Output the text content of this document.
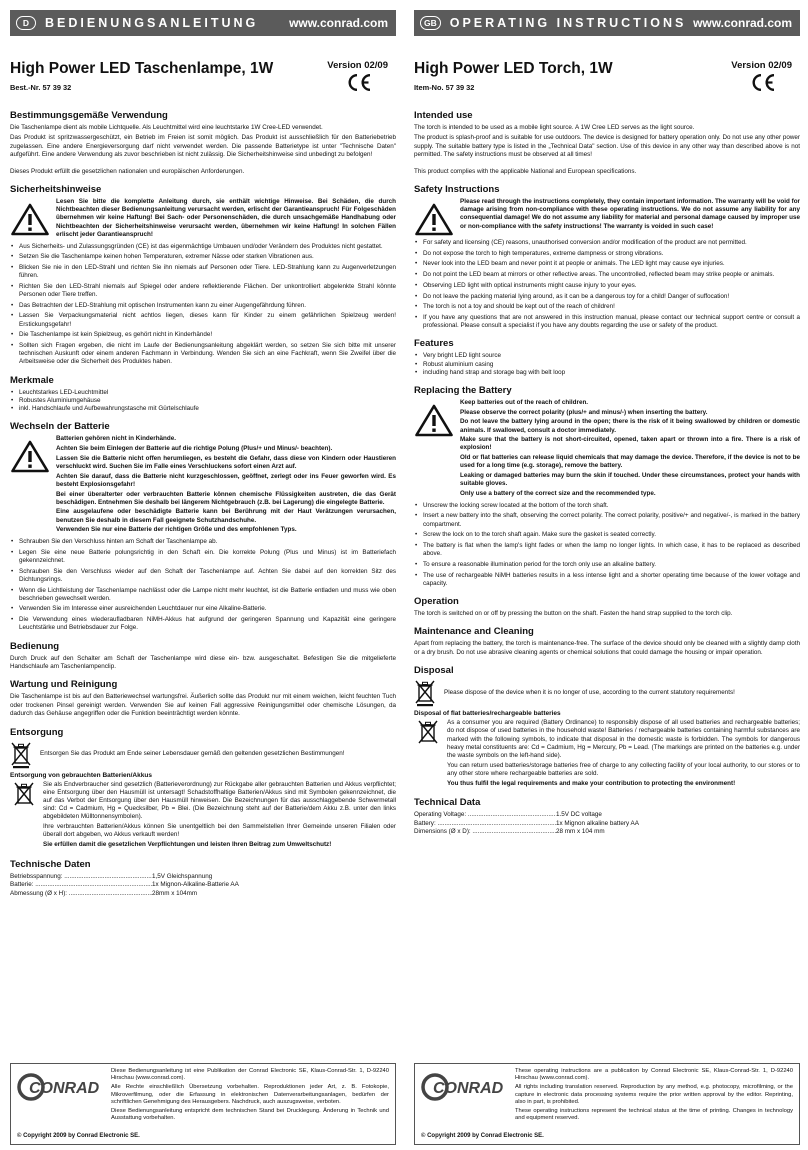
D	BEDIENUNGSANLEITUNG	www.conrad.com
High Power LED Taschenlampe, 1W
Best.-Nr. 57 39 32
Version 02/09
Bestimmungsgemäße Verwendung

Die Taschenlampe dient als mobile Lichtquelle. Als Leuchtmittel wird eine leuchtstarke 1W Cree-LED verwendet.

Das Produkt ist spritzwassergeschützt, ein Betrieb im Freien ist somit möglich. Das Produkt ist ausschließlich für den Batteriebetrieb zugelassen. Eine andere Energieversorgung darf nicht verwendet werden. Die passende Batterietype ist unter "Technische Daten" aufgeführt. Eine andere Verwendung als zuvor beschrieben ist nicht zulässig. Die Sicherheitshinweise sind unbedingt zu befolgen!

Dieses Produkt erfüllt die gesetzlichen nationalen und europäischen Anforderungen.

Sicherheitshinweise

Lesen Sie bitte die komplette Anleitung durch, sie enthält wichtige Hinweise. Bei Schäden, die durch Nichtbeachten dieser Bedienungsanleitung verursacht werden, erlischt der Garantieanspruch! Für Folgeschäden übernehmen wir keine Haftung! Bei Sach- oder Personenschäden, die durch unsachgemäße Handhabung oder Nichtbeachten der Sicherheitshinweise verursacht werden, übernehmen wir keine Haftung! In solchen Fällen erlischt jeder Garantieanspruch!

• Aus Sicherheits- und Zulassungsgründen (CE) ist das eigenmächtige Umbauen und/oder Verändern des Produktes nicht gestattet.
• Setzen Sie die Taschenlampe keinen hohen Temperaturen, extremer Nässe oder starken Vibrationen aus.
• Blicken Sie nie in den LED-Strahl und richten Sie ihn niemals auf Personen oder Tiere. LED-Strahlung kann zu Augenverletzungen führen.
• Richten Sie den LED-Strahl niemals auf Spiegel oder andere reflektierende Flächen. Der unkontrolliert abgelenkte Strahl könnte Personen oder Tiere treffen.
• Das Betrachten der LED-Strahlung mit optischen Instrumenten kann zu einer Augengefährdung führen.
• Lassen Sie Verpackungsmaterial nicht achtlos liegen, dieses kann für Kinder zu einem gefährlichen Spielzeug werden! Erstickungsgefahr!
• Die Taschenlampe ist kein Spielzeug, es gehört nicht in Kinderhände!
• Sollten sich Fragen ergeben, die nicht im Laufe der Bedienungsanleitung abgeklärt werden, so setzen Sie sich bitte mit unserer technischen Auskunft oder einem anderen Fachmann in Verbindung. Wenden Sie sich an eine Fachkraft, wenn Sie Zweifel über die Arbeitsweise oder die Sicherheit des Produktes haben.
Merkmale
• Leuchtstarkes LED-Leuchtmittel
• Robustes Aluminiumgehäuse
• inkl. Handschlaufe und Aufbewahrungstasche mit Gürtelschlaufe
Wechseln der Batterie

Batterien gehören nicht in Kinderhände.

Achten Sie beim Einlegen der Batterie auf die richtige Polung (Plus/+ und Minus/- beachten).

Lassen Sie die Batterie nicht offen herumliegen, es besteht die Gefahr, dass diese von Kindern oder Haustieren verschluckt wird. Suchen Sie im Falle eines Verschluckens sofort einen Arzt auf.

Achten Sie darauf, dass die Batterie nicht kurzgeschlossen, geöffnet, zerlegt oder ins Feuer geworfen wird. Es besteht Explosionsgefahr!

Bei einer überalterter oder verbrauchten Batterie können chemische Flüssigkeiten austreten, die das Gerät beschädigen. Entnehmen Sie deshalb bei längerem Nichtgebrauch (z.B. bei Lagerung) die eingelegte Batterie.

Eine ausgelaufene oder beschädigte Batterie kann bei Berührung mit der Haut Verätzungen verursachen, benutzen Sie deshalb in diesem Fall geeignete Schutzhandschuhe.

Verwenden Sie nur eine Batterie der richtigen Größe und des empfohlenen Typs.

• Schrauben Sie den Verschluss hinten am Schaft der Taschenlampe ab.
• Legen Sie eine neue Batterie polungsrichtig in den Schaft ein. Die korrekte Polung (Plus und Minus) ist im Batteriefach gekennzeichnet.
• Schrauben Sie den Verschluss wieder auf den Schaft der Taschenlampe auf. Achten Sie dabei auf den korrekten Sitz des Dichtungsrings.
• Wenn die Lichtleistung der Taschenlampe nachlässt oder die Lampe nicht mehr leuchtet, ist die Batterie entladen und muss wie oben beschrieben gewechselt werden.
• Verwenden Sie im Interesse einer ausreichenden Leuchtdauer nur eine Alkaline-Batterie.
• Die Verwendung eines wiederaufladbaren NiMH-Akkus hat aufgrund der geringeren Spannung und Kapazität eine geringere Leuchtstärke und Betriebsdauer zur Folge.
Bedienung

Durch Druck auf den Schalter am Schaft der Taschenlampe wird diese ein- bzw. ausgeschaltet. Befestigen Sie die mitgelieferte Handschlaufe am Taschenlampenclip.

Wartung und Reinigung

Die Taschenlampe ist bis auf den Batteriewechsel wartungsfrei. Äußerlich sollte das Produkt nur mit einem weichen, leicht feuchten Tuch oder trockenen Pinsel gereinigt werden. Verwenden Sie auf keinen Fall aggressive Reinigungsmittel oder chemische Lösungen, da dadurch das Gehäuse angegriffen oder die Funktion beeinträchtigt werden könnte.

Entsorgung

Entsorgen Sie das Produkt am Ende seiner Lebensdauer gemäß den geltenden gesetzlichen Bestimmungen!

Entsorgung von gebrauchten Batterien/Akkus

Sie als Endverbraucher sind gesetzlich (Batterieverordnung) zur Rückgabe aller gebrauchten Batterien und Akkus verpflichtet; eine Entsorgung über den Hausmüll ist untersagt! Schadstoffhaltige Batterien/Akkus sind mit Symbolen gekennzeichnet, die auf das Verbot der Entsorgung über den Hausmüll hinweisen. Die Bezeichnungen für das ausschlaggebende Schwermetall sind: Cd = Cadmium, Hg = Quecksilber, Pb = Blei. (Die Bezeichnung steht auf der Batterie/dem Akku z.B. unter den links abgebildeten Mülltonnensymbolen).

Ihre verbrauchten Batterien/Akkus können Sie unentgeltlich bei den Sammelstellen Ihrer Gemeinde unseren Filialen oder überall dort abgeben, wo Akkus verkauft werden!

Sie erfüllen damit die gesetzlichen Verpflichtungen und leisten Ihren Beitrag zum Umweltschutz!

Technische Daten
Betriebsspannung: .....	1,5V Gleichspannung
Batterie: .....	1x Mignon-Alkaline-Batterie AA
Abmessung (Ø x H): .....	28mm x 104mm
CONRAD

Diese Bedienungsanleitung ist eine Publikation der Conrad Electronic SE, Klaus-Conrad-Str. 1, D-92240 Hirschau (www.conrad.com).

Alle Rechte einschließlich Übersetzung vorbehalten. Reproduktionen jeder Art, z. B. Fotokopie, Mikroverfilmung, oder die Erfassung in elektronischen Datenverarbeitungsanlagen, bedürfen der schriftlichen Genehmigung des Herausgebers. Nachdruck, auch auszugsweise, verboten.

Diese Bedienungsanleitung entspricht dem technischen Stand bei Drucklegung. Änderung in Technik und Ausstattung vorbehalten.

© Copyright 2009 by Conrad Electronic SE.
GB	OPERATING INSTRUCTIONS www.conrad.com
High Power LED Torch, 1W
Item-No. 57 39 32
Version 02/09
Intended use

The torch is intended to be used as a mobile light source. A 1W Cree LED serves as the light source.

The product is splash-proof and is suitable for use outdoors. The device is designed for battery operation only. Do not use any other power supply. The suitable battery type is listed in the „Technical Data" section. Use of this device in any other way than described above is not permitted. The safety instructions must be observed at all times!

This product complies with the applicable National and European specifications.

Safety Instructions

Please read through the instructions completely, they contain important information. The warranty will be void for damage arising from non-compliance with these operating instructions. We do not assume any liability for any consequential damage! We do not assume any liability for material and personal damage caused by improper use or non-compliance with the safety instructions! The warranty is voided in such case!

• For safety and licensing (CE) reasons, unauthorised conversion and/or modification of the product are not permitted.
• Do not expose the torch to high temperatures, extreme dampness or strong vibrations.
• Never look into the LED beam and never point it at people or animals. The LED light may cause eye injuries.
• Do not point the LED beam at mirrors or other reflective areas. The uncontrolled, reflected beam may strike people or animals.
• Observing LED light with optical instruments might cause injury to your eyes.
• Do not leave the packing material lying around, as it can be a dangerous toy for a child! Danger of suffocation!
• The torch is not a toy and should be kept out of the reach of children!
• If you have any questions that are not answered in this instruction manual, please contact our technical support centre or consult a professional. Please consult a specialist if you have any doubts regarding the use or safety of the product.
Features
• Very bright LED light source
• Robust aluminium casing
• including hand strap and storage bag with belt loop
Replacing the Battery

Keep batteries out of the reach of children.

Please observe the correct polarity (plus/+ and minus/-) when inserting the battery.

Do not leave the battery lying around in the open; there is the risk of it being swallowed by children or domestic animals. If swallowed, consult a doctor immediately.

Make sure that the battery is not short-circuited, opened, taken apart or thrown into a fire. There is a risk of explosion!

Old or flat batteries can release liquid chemicals that may damage the device. Therefore, if the device is not to be used for a long time (e.g. storage), remove the battery.

Leaking or damaged batteries may burn the skin if touched. Under these circumstances, protect your hands with suitable gloves.

Only use a battery of the correct size and the recommended type.

• Unscrew the locking screw located at the bottom of the torch shaft.
• Insert a new battery into the shaft, observing the correct polarity. The correct polarity, positive/+ and negative/-, is marked in the battery compartment.
• Screw the lock on to the torch shaft again. Make sure the gasket is seated correctly.
• The battery is flat when the lamp's light fades or when the lamp no longer lights. In which case, it has to be replaced as described above.
• To ensure a reasonable illumination period for the torch only use an alkaline battery.
• The use of rechargeable NiMH batteries results in a less intense light and a shorter operating time because of the lower voltage and capacity.
Operation

The torch is switched on or off by pressing the button on the shaft. Fasten the hand strap supplied to the torch clip.

Maintenance and Cleaning

Apart from replacing the battery, the torch is maintenance-free. The surface of the device should only be cleaned with a slightly damp cloth or a dry brush. Do not use abrasive cleaning agents or chemical solutions that could damage the housing or impair operation.

Disposal

Please dispose of the device when it is no longer of use, according to the current statutory requirements!

Disposal of flat batteries/rechargeable batteries

As a consumer you are required (Battery Ordinance) to responsibly dispose of all used batteries and rechargeable batteries; do not dispose of used batteries in the household waste! Batteries / rechargeable batteries containing harmful substances are marked with the following symbols, to indicate that disposal in the domestic waste is forbidden. The symbols for dangerous heavy metal constituents are: Cd = Cadmium, Hg = Mercury, Pb = Lead. (The markings are printed on the batteries e.g. under the waste symbols on the left-hand side).

You can return used batteries/storage batteries free of charge to any collecting facility of your local authority, to our stores or to any other store where rechargeable batteries are sold.

You thus fulfil the legal requirements and make your contribution to protecting the environment!

Technical Data
Operating Voltage: .....	1.5V DC voltage
Battery: .....	1x Mignon alkaline battery AA
Dimensions (Ø x D): .....	28 mm x 104 mm
CONRAD

These operating instructions are a publication by Conrad Electronic SE, Klaus-Conrad-Str. 1, D-92240 Hirschau (www.conrad.com).

All rights including translation reserved. Reproduction by any method, e.g. photocopy, microfilming, or the capture in electronic data processing systems require the prior written approval by the editor. Reprinting, also in part, is prohibited.

These operating instructions represent the technical status at the time of printing. Changes in technology and equipment reserved.

© Copyright 2009 by Conrad Electronic SE.
